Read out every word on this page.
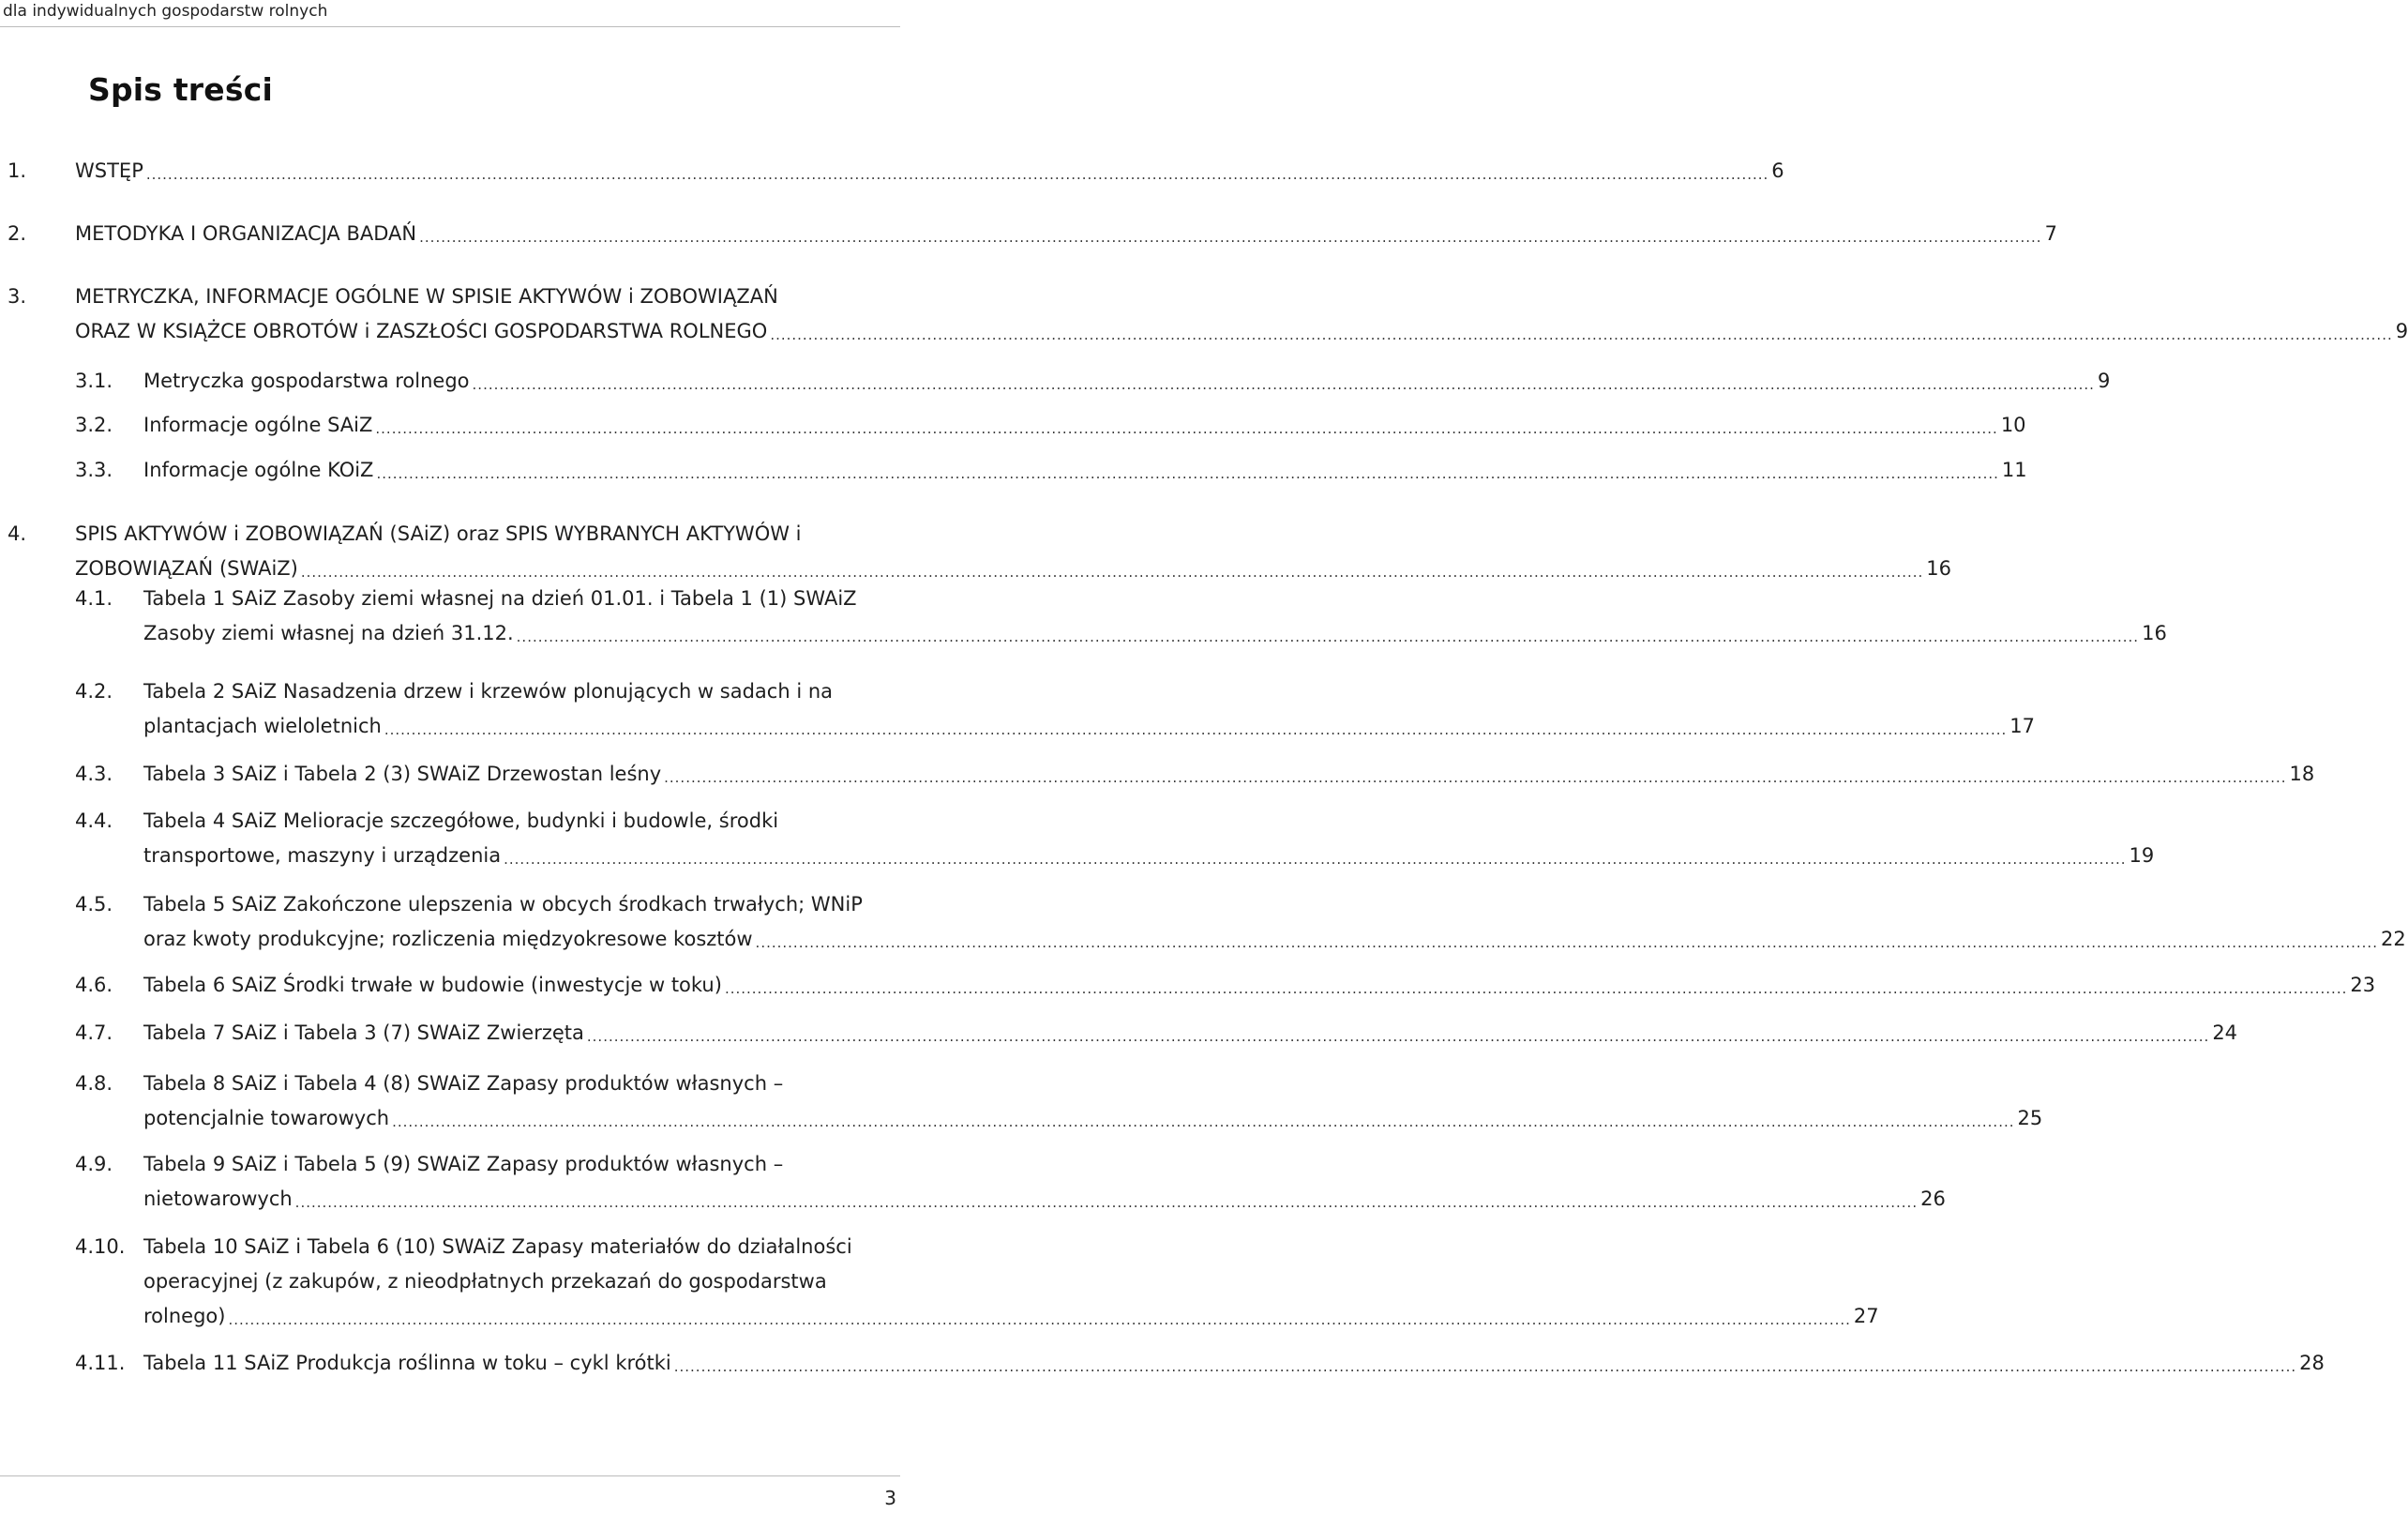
dla indywidualnych gospodarstw rolnych
Spis treści
1. WSTĘP ............................................................................................................................................................................................................................................................................................................ 6
2. METODYKA I ORGANIZACJA BADAŃ ............................................................................................................................................................................................................................................................................................................ 7
3. METRYCZKA, INFORMACJE OGÓLNE W SPISIE AKTYWÓW i ZOBOWIĄZAŃ
ORAZ W KSIĄŻCE OBROTÓW i ZASZŁOŚCI GOSPODARSTWA ROLNEGO ............................................................................................................................................................................................................................................................................................................ 9
3.1. Metryczka gospodarstwa rolnego ............................................................................................................................................................................................................................................................................................................ 9
3.2. Informacje ogólne SAiZ ............................................................................................................................................................................................................................................................................................................ 10
3.3. Informacje ogólne KOiZ ............................................................................................................................................................................................................................................................................................................ 11
4. SPIS AKTYWÓW i ZOBOWIĄZAŃ (SAiZ) oraz SPIS WYBRANYCH AKTYWÓW i
ZOBOWIĄZAŃ (SWAiZ) ............................................................................................................................................................................................................................................................................................................ 16
4.1. Tabela 1 SAiZ Zasoby ziemi własnej na dzień 01.01. i Tabela 1 (1) SWAiZ
Zasoby ziemi własnej na dzień 31.12. ............................................................................................................................................................................................................................................................................................................ 16
4.2. Tabela 2 SAiZ Nasadzenia drzew i krzewów plonujących w sadach i na
plantacjach wieloletnich ............................................................................................................................................................................................................................................................................................................ 17
4.3. Tabela 3 SAiZ i Tabela 2 (3) SWAiZ Drzewostan leśny ............................................................................................................................................................................................................................................................................................................ 18
4.4. Tabela 4 SAiZ Melioracje szczegółowe, budynki i budowle, środki
transportowe, maszyny i urządzenia ............................................................................................................................................................................................................................................................................................................ 19
4.5. Tabela 5 SAiZ Zakończone ulepszenia w obcych środkach trwałych; WNiP
oraz kwoty produkcyjne; rozliczenia międzyokresowe kosztów ............................................................................................................................................................................................................................................................................................................ 22
4.6. Tabela 6 SAiZ Środki trwałe w budowie (inwestycje w toku) ............................................................................................................................................................................................................................................................................................................ 23
4.7. Tabela 7 SAiZ i Tabela 3 (7) SWAiZ Zwierzęta ............................................................................................................................................................................................................................................................................................................ 24
4.8. Tabela 8 SAiZ i Tabela 4 (8) SWAiZ Zapasy produktów własnych –
potencjalnie towarowych ............................................................................................................................................................................................................................................................................................................ 25
4.9. Tabela 9 SAiZ i Tabela 5 (9) SWAiZ Zapasy produktów własnych –
nietowarowych ............................................................................................................................................................................................................................................................................................................ 26
4.10. Tabela 10 SAiZ i Tabela 6 (10) SWAiZ Zapasy materiałów do działalności
operacyjnej (z zakupów, z nieodpłatnych przekazań do gospodarstwa
rolnego) ............................................................................................................................................................................................................................................................................................................ 27
4.11. Tabela 11 SAiZ Produkcja roślinna w toku – cykl krótki ............................................................................................................................................................................................................................................................................................................ 28
3
